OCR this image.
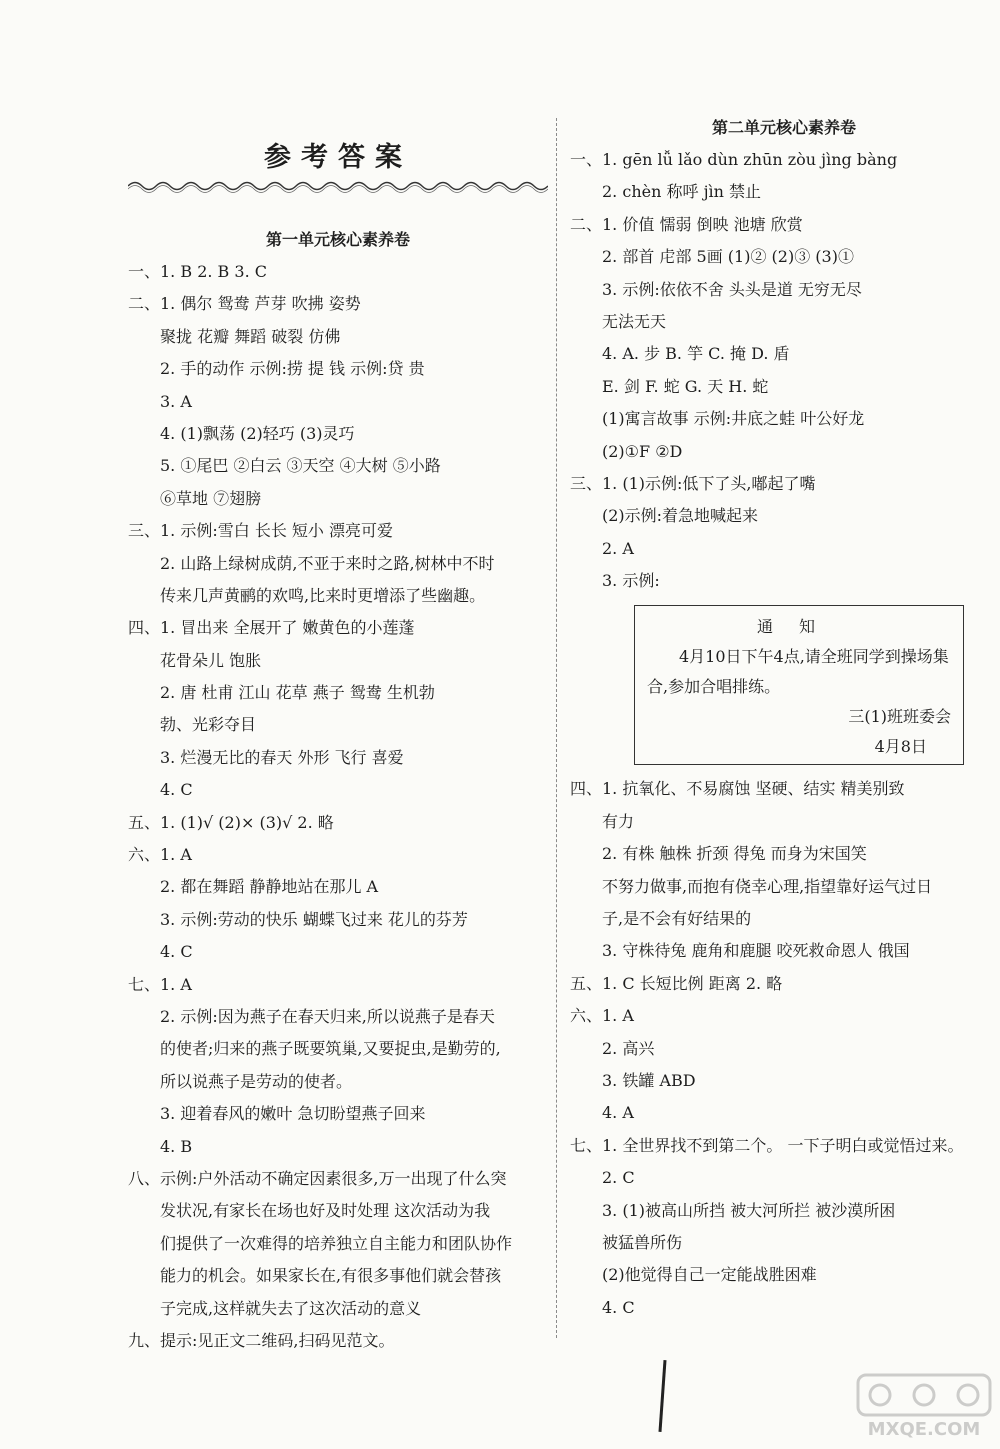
参考答案
第一单元核心素养卷
一、1. B 2. B 3. C
二、1. 偶尔 鸳鸯 芦芽 吹拂 姿势
聚拢 花瓣 舞蹈 破裂 仿佛
2. 手的动作 示例:捞 提 钱 示例:贷 贵
3. A
4. (1)飘荡 (2)轻巧 (3)灵巧
5. ①尾巴 ②白云 ③天空 ④大树 ⑤小路
⑥草地 ⑦翅膀
三、1. 示例:雪白 长长 短小 漂亮可爱
2. 山路上绿树成荫,不亚于来时之路,树林中不时
传来几声黄鹂的欢鸣,比来时更增添了些幽趣。
四、1. 冒出来 全展开了 嫩黄色的小莲蓬
花骨朵儿 饱胀
2. 唐 杜甫 江山 花草 燕子 鸳鸯 生机勃
勃、光彩夺目
3. 烂漫无比的春天 外形 飞行 喜爱
4. C
五、1. (1)√ (2)× (3)√ 2. 略
六、1. A
2. 都在舞蹈 静静地站在那儿 A
3. 示例:劳动的快乐 蝴蝶飞过来 花儿的芬芳
4. C
七、1. A
2. 示例:因为燕子在春天归来,所以说燕子是春天
的使者;归来的燕子既要筑巢,又要捉虫,是勤劳的,
所以说燕子是劳动的使者。
3. 迎着春风的嫩叶 急切盼望燕子回来
4. B
八、示例:户外活动不确定因素很多,万一出现了什么突
发状况,有家长在场也好及时处理 这次活动为我
们提供了一次难得的培养独立自主能力和团队协作
能力的机会。如果家长在,有很多事他们就会替孩
子完成,这样就失去了这次活动的意义
九、提示:见正文二维码,扫码见范文。
第二单元核心素养卷
一、1. gēn lǚ lǎo dùn zhūn zòu jìng bàng
2. chèn 称呼 jìn 禁止
二、1. 价值 懦弱 倒映 池塘 欣赏
2. 部首 虍部 5画 (1)② (2)③ (3)①
3. 示例:依依不舍 头头是道 无穷无尽
无法无天
4. A. 步 B. 竽 C. 掩 D. 盾
E. 剑 F. 蛇 G. 天 H. 蛇
(1)寓言故事 示例:井底之蛙 叶公好龙
(2)①F ②D
三、1. (1)示例:低下了头,嘟起了嘴
(2)示例:着急地喊起来
2. A
3. 示例:
通知
4月10日下午4点,请全班同学到操场集合,参加合唱排练。
三(1)班班委会
4月8日
四、1. 抗氧化、不易腐蚀 坚硬、结实 精美别致
有力
2. 有株 触株 折颈 得兔 而身为宋国笑
不努力做事,而抱有侥幸心理,指望靠好运气过日
子,是不会有好结果的
3. 守株待兔 鹿角和鹿腿 咬死救命恩人 俄国
五、1. C 长短比例 距离 2. 略
六、1. A
2. 高兴
3. 铁罐 ABD
4. A
七、1. 全世界找不到第二个。 一下子明白或觉悟过来。
2. C
3. (1)被高山所挡 被大河所拦 被沙漠所困
被猛兽所伤
(2)他觉得自己一定能战胜困难
4. C
MXQE.COM
